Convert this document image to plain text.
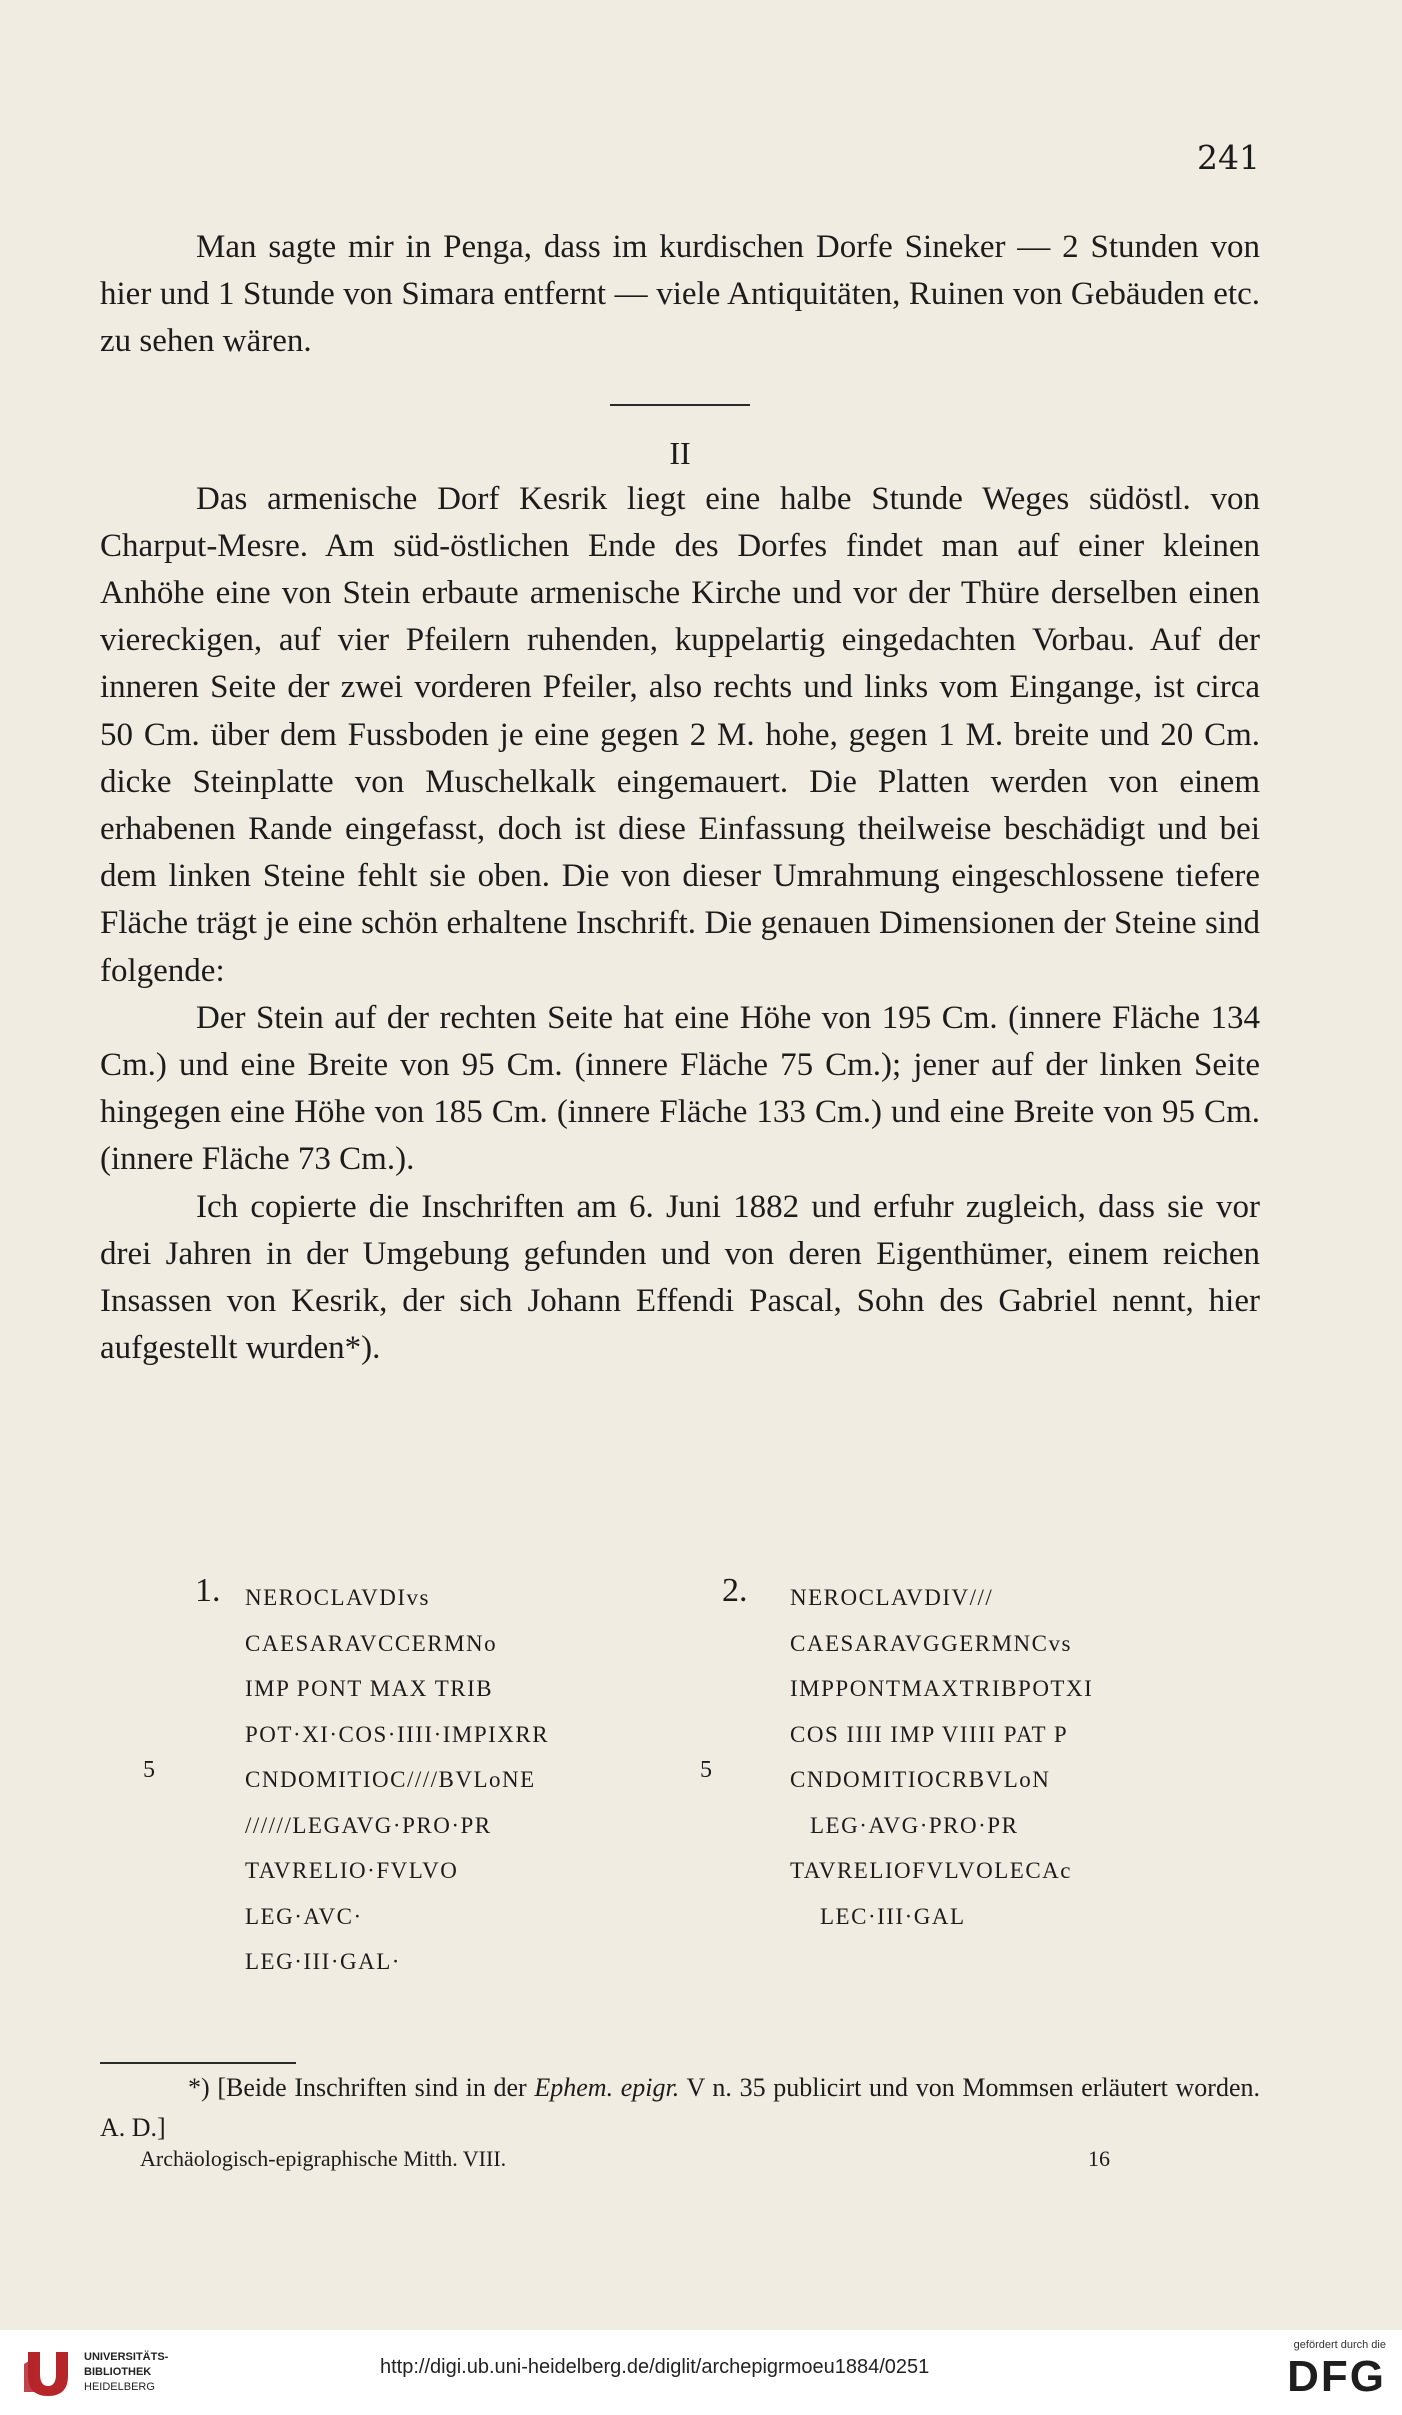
241

Man sagte mir in Penga, dass im kurdischen Dorfe Sineker — 2 Stunden von hier und 1 Stunde von Simara entfernt — viele Antiquitäten, Ruinen von Gebäuden etc. zu sehen wären.

II

Das armenische Dorf Kesrik liegt eine halbe Stunde Weges südöstl. von Charput-Mesre. Am süd-östlichen Ende des Dorfes findet man auf einer kleinen Anhöhe eine von Stein erbaute armenische Kirche und vor der Thüre derselben einen viereckigen, auf vier Pfeilern ruhenden, kuppelartig eingedachten Vorbau. Auf der inneren Seite der zwei vorderen Pfeiler, also rechts und links vom Eingange, ist circa 50 Cm. über dem Fussboden je eine gegen 2 M. hohe, gegen 1 M. breite und 20 Cm. dicke Steinplatte von Muschelkalk eingemauert. Die Platten werden von einem erhabenen Rande eingefasst, doch ist diese Einfassung theilweise beschädigt und bei dem linken Steine fehlt sie oben. Die von dieser Umrahmung eingeschlossene tiefere Fläche trägt je eine schön erhaltene Inschrift. Die genauen Dimensionen der Steine sind folgende:

Der Stein auf der rechten Seite hat eine Höhe von 195 Cm. (innere Fläche 134 Cm.) und eine Breite von 95 Cm. (innere Fläche 75 Cm.); jener auf der linken Seite hingegen eine Höhe von 185 Cm. (innere Fläche 133 Cm.) und eine Breite von 95 Cm. (innere Fläche 73 Cm.).

Ich copierte die Inschriften am 6. Juni 1882 und erfuhr zugleich, dass sie vor drei Jahren in der Umgebung gefunden und von deren Eigenthümer, einem reichen Insassen von Kesrik, der sich Johann Effendi Pascal, Sohn des Gabriel nennt, hier aufgestellt wurden*).

1.
5
NEROCLAVDIvs
CAESARAVCCERMNo
IMP PONT MAX TRIB
POT·XI·COS·IIII·IMPIXRR
CNDOMITIOC////BVLoNE
//////LEGAVG·PRO·PR
TAVRELIO·FVLVO
LEG·AVC·
LEG·III·GAL·
2.
5
NEROCLAVDIV///
CAESARAVGGERMNCvs
IMPPONTMAXTRIBPOTXI
COS IIII IMP VIIII PAT P
CNDOMITIOCRBVLoN
LEG·AVG·PRO·PR
TAVRELIOFVLVOLECAc
LEC·III·GAL

*) [Beide Inschriften sind in der Ephem. epigr. V n. 35 publicirt und von Mommsen erläutert worden. A. D.]

Archäologisch-epigraphische Mitth. VIII.	16
UNIVERSITÄTS-
BIBLIOTHEK
HEIDELBERG
http://digi.ub.uni-heidelberg.de/diglit/archepigrmoeu1884/0251
gefördert durch die
DFG
